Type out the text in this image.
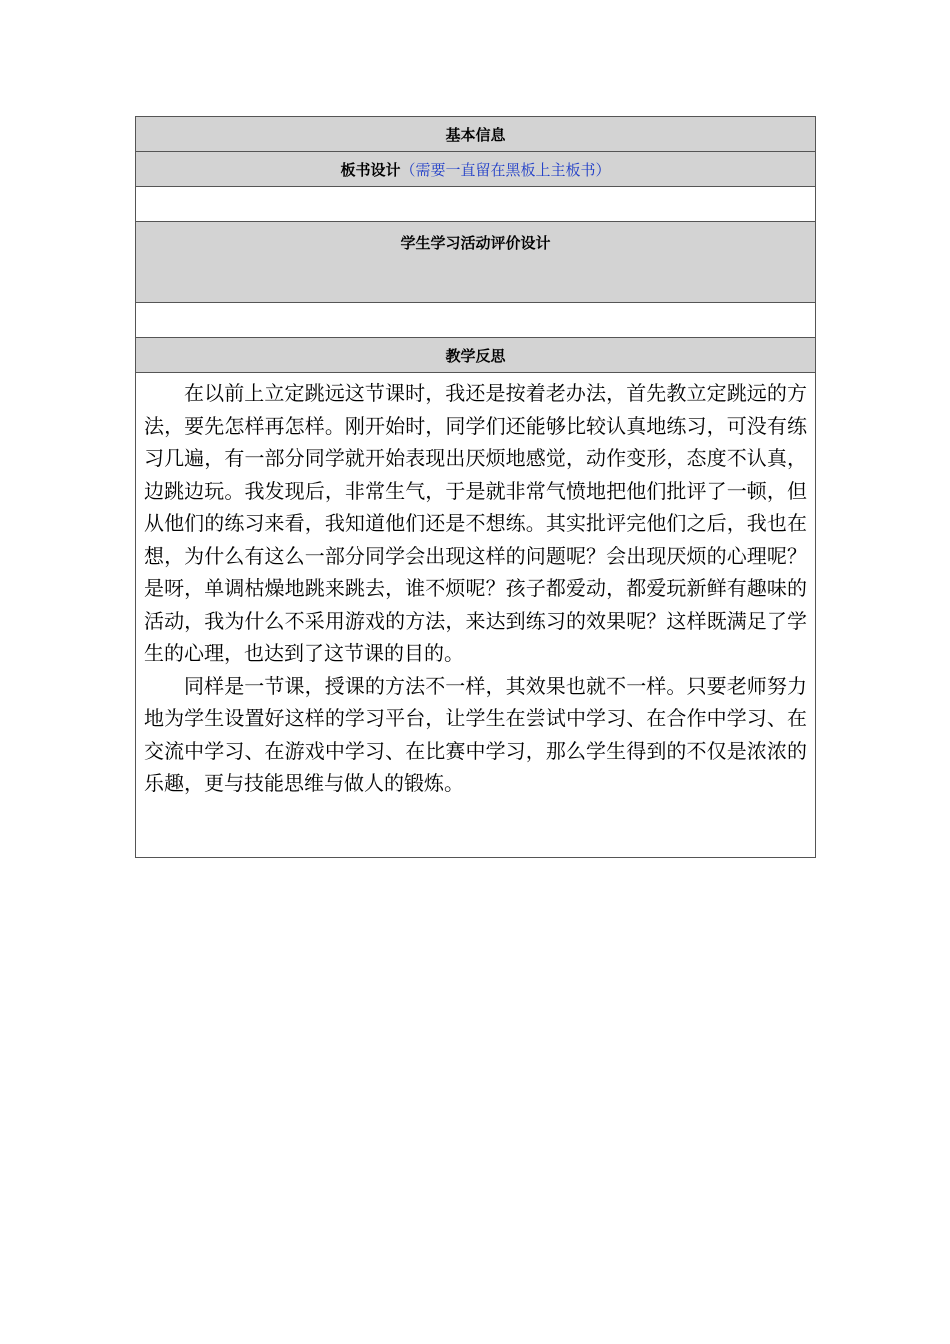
基本信息
板书设计（需要一直留在黑板上主板书）

学生学习活动评价设计

教学反思

在以前上立定跳远这节课时，我还是按着老办法，首先教立定跳远的方法，要先怎样再怎样。刚开始时，同学们还能够比较认真地练习，可没有练习几遍，有一部分同学就开始表现出厌烦地感觉，动作变形，态度不认真，边跳边玩。我发现后，非常生气，于是就非常气愤地把他们批评了一顿，但从他们的练习来看，我知道他们还是不想练。其实批评完他们之后，我也在想，为什么有这么一部分同学会出现这样的问题呢？会出现厌烦的心理呢？是呀，单调枯燥地跳来跳去，谁不烦呢？孩子都爱动，都爱玩新鲜有趣味的活动，我为什么不采用游戏的方法，来达到练习的效果呢？这样既满足了学生的心理，也达到了这节课的目的。

同样是一节课，授课的方法不一样，其效果也就不一样。只要老师努力地为学生设置好这样的学习平台，让学生在尝试中学习、在合作中学习、在交流中学习、在游戏中学习、在比赛中学习，那么学生得到的不仅是浓浓的乐趣，更与技能思维与做人的锻炼。
